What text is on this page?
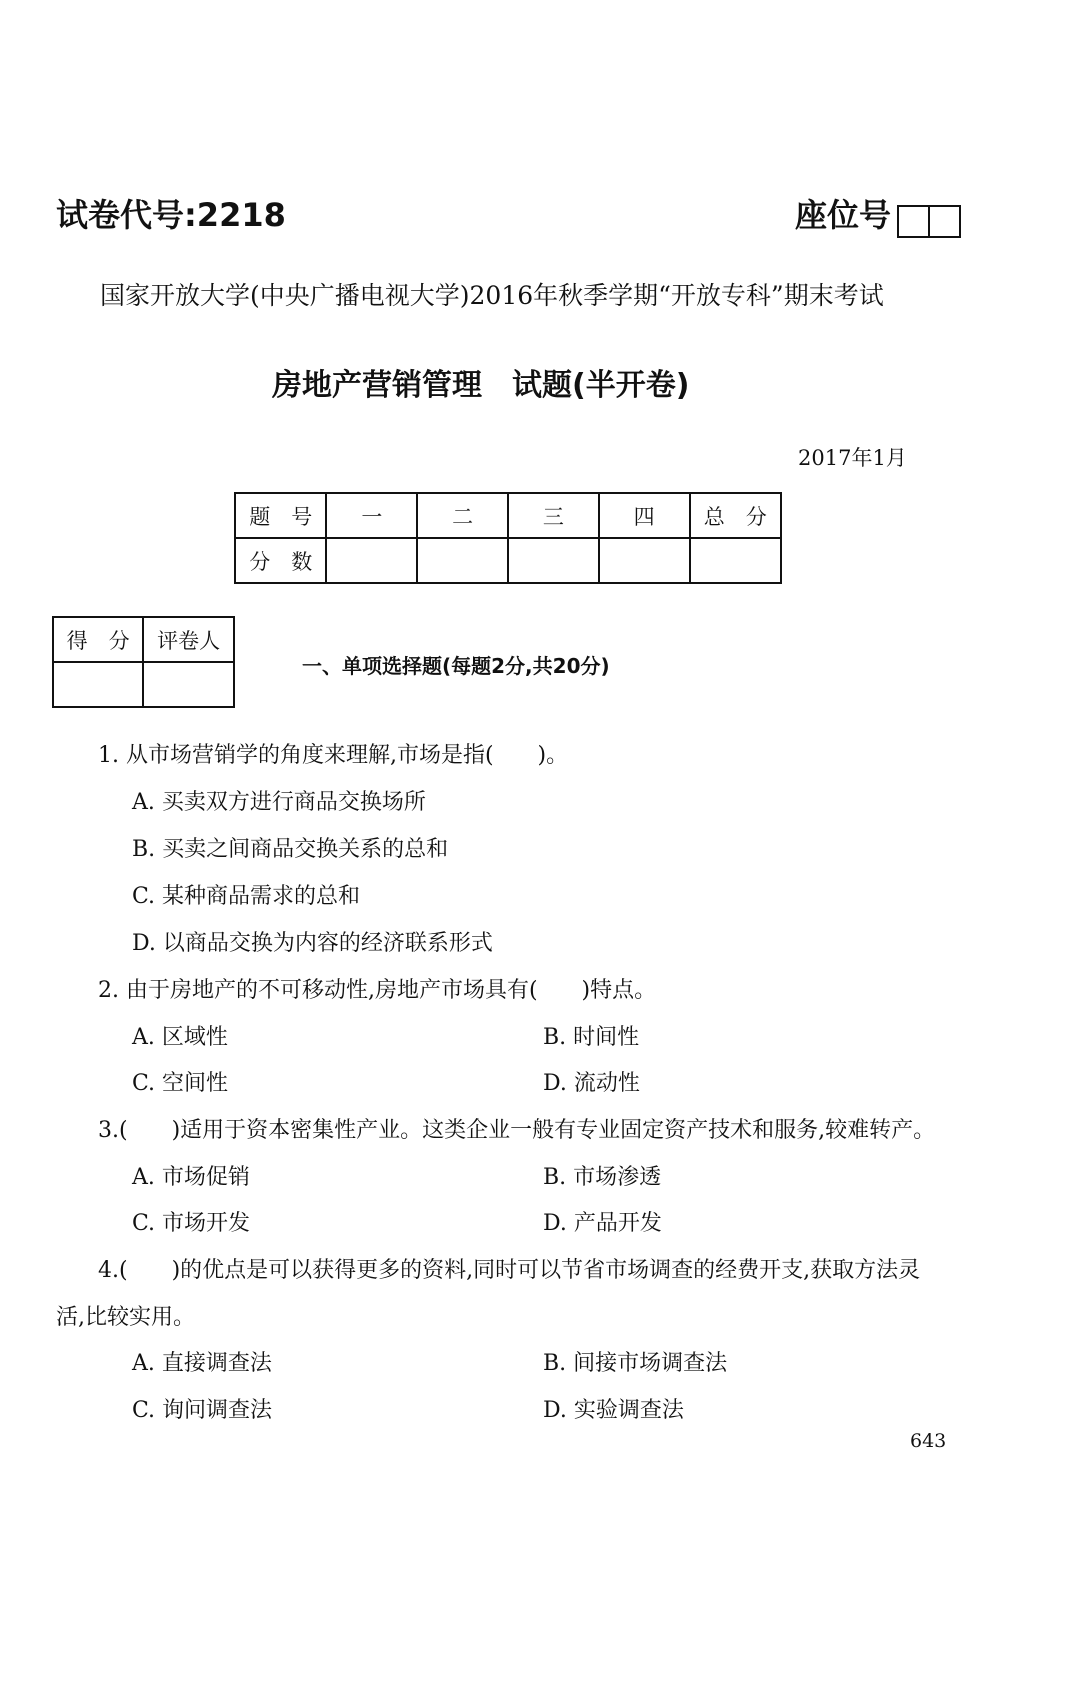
试卷代号:2218	座位号
国家开放大学(中央广播电视大学)2016年秋季学期“开放专科”期末考试
房地产营销管理　试题(半开卷)
2017年1月
题　号	一	二	三	四	总　分
分　数					
得　分	评卷人

一、单项选择题(每题2分,共20分)
1. 从市场营销学的角度来理解,市场是指(　　)。
A. 买卖双方进行商品交换场所
B. 买卖之间商品交换关系的总和
C. 某种商品需求的总和
D. 以商品交换为内容的经济联系形式
2. 由于房地产的不可移动性,房地产市场具有(　　)特点。
A. 区域性	B. 时间性
C. 空间性	D. 流动性
3.(　　)适用于资本密集性产业。这类企业一般有专业固定资产技术和服务,较难转产。
A. 市场促销	B. 市场渗透
C. 市场开发	D. 产品开发
4.(　　)的优点是可以获得更多的资料,同时可以节省市场调查的经费开支,获取方法灵
活,比较实用。
A. 直接调查法	B. 间接市场调查法
C. 询问调查法	D. 实验调查法
643
